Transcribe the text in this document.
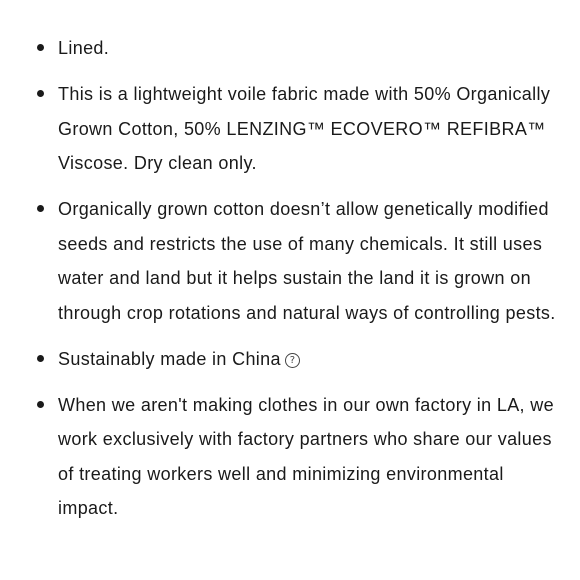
Lined.
This is a lightweight voile fabric made with 50% Organically Grown Cotton, 50% LENZING™ ECOVERO™ REFIBRA™ Viscose. Dry clean only.
Organically grown cotton doesn’t allow genetically modified seeds and restricts the use of many chemicals. It still uses water and land but it helps sustain the land it is grown on through crop rotations and natural ways of controlling pests.
Sustainably made in China ?
When we aren't making clothes in our own factory in LA, we work exclusively with factory partners who share our values of treating workers well and minimizing environmental impact.
